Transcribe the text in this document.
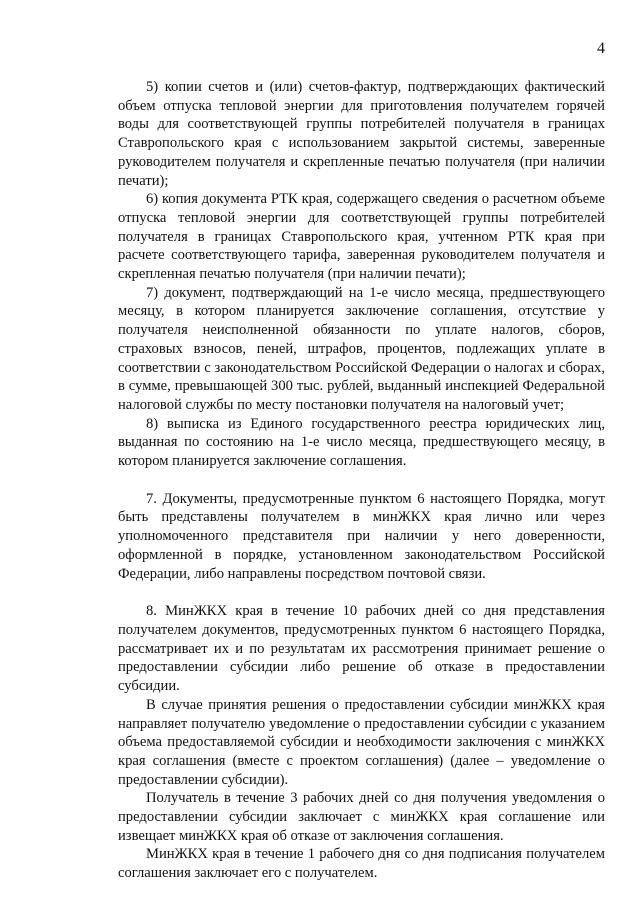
4

5) копии счетов и (или) счетов-фактур, подтверждающих фактический объем отпуска тепловой энергии для приготовления получателем горячей воды для соответствующей группы потребителей получателя в границах Ставропольского края с использованием закрытой системы, заверенные руководителем получателя и скрепленные печатью получателя (при наличии печати);

6) копия документа РТК края, содержащего сведения о расчетном объеме отпуска тепловой энергии для соответствующей группы потребителей получателя в границах Ставропольского края, учтенном РТК края при расчете соответствующего тарифа, заверенная руководителем получателя и скрепленная печатью получателя (при наличии печати);

7) документ, подтверждающий на 1-е число месяца, предшествующего месяцу, в котором планируется заключение соглашения, отсутствие у получателя неисполненной обязанности по уплате налогов, сборов, страховых взносов, пеней, штрафов, процентов, подлежащих уплате в соответствии с законодательством Российской Федерации о налогах и сборах, в сумме, превышающей 300 тыс. рублей, выданный инспекцией Федеральной налоговой службы по месту постановки получателя на налоговый учет;

8) выписка из Единого государственного реестра юридических лиц, выданная по состоянию на 1-е число месяца, предшествующего месяцу, в котором планируется заключение соглашения.

7. Документы, предусмотренные пунктом 6 настоящего Порядка, могут быть представлены получателем в минЖКХ края лично или через уполномоченного представителя при наличии у него доверенности, оформленной в порядке, установленном законодательством Российской Федерации, либо направлены посредством почтовой связи.

8. МинЖКХ края в течение 10 рабочих дней со дня представления получателем документов, предусмотренных пунктом 6 настоящего Порядка, рассматривает их и по результатам их рассмотрения принимает решение о предоставлении субсидии либо решение об отказе в предоставлении субсидии.

В случае принятия решения о предоставлении субсидии минЖКХ края направляет получателю уведомление о предоставлении субсидии с указанием объема предоставляемой субсидии и необходимости заключения с минЖКХ края соглашения (вместе с проектом соглашения) (далее – уведомление о предоставлении субсидии).

Получатель в течение 3 рабочих дней со дня получения уведомления о предоставлении субсидии заключает с минЖКХ края соглашение или извещает минЖКХ края об отказе от заключения соглашения.

МинЖКХ края в течение 1 рабочего дня со дня подписания получателем соглашения заключает его с получателем.
